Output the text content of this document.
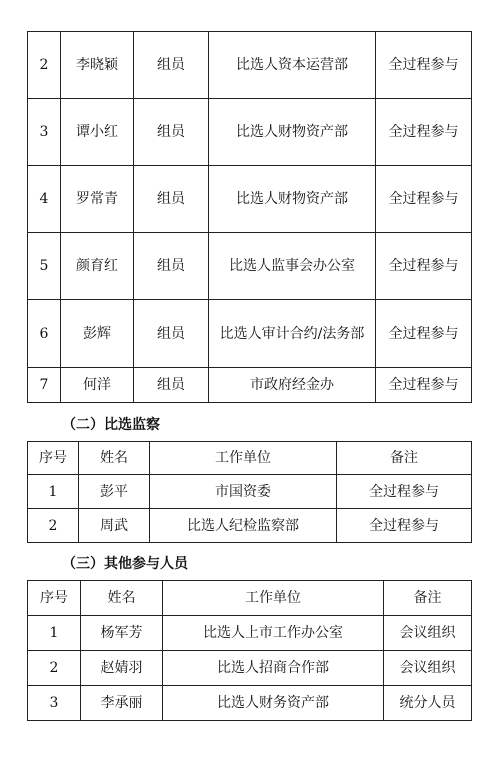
2	李晓颖	组员	比选人资本运营部	全过程参与
3	谭小红	组员	比选人财物资产部	全过程参与
4	罗常青	组员	比选人财物资产部	全过程参与
5	颜育红	组员	比选人监事会办公室	全过程参与
6	彭辉	组员	比选人审计合约/法务部	全过程参与
7	何洋	组员	市政府经金办	全过程参与
（二）比选监察
序号	姓名	工作单位	备注
1	彭平	市国资委	全过程参与
2	周武	比选人纪检监察部	全过程参与
（三）其他参与人员
序号	姓名	工作单位	备注
1	杨军芳	比选人上市工作办公室	会议组织
2	赵婧羽	比选人招商合作部	会议组织
3	李承丽	比选人财务资产部	统分人员
